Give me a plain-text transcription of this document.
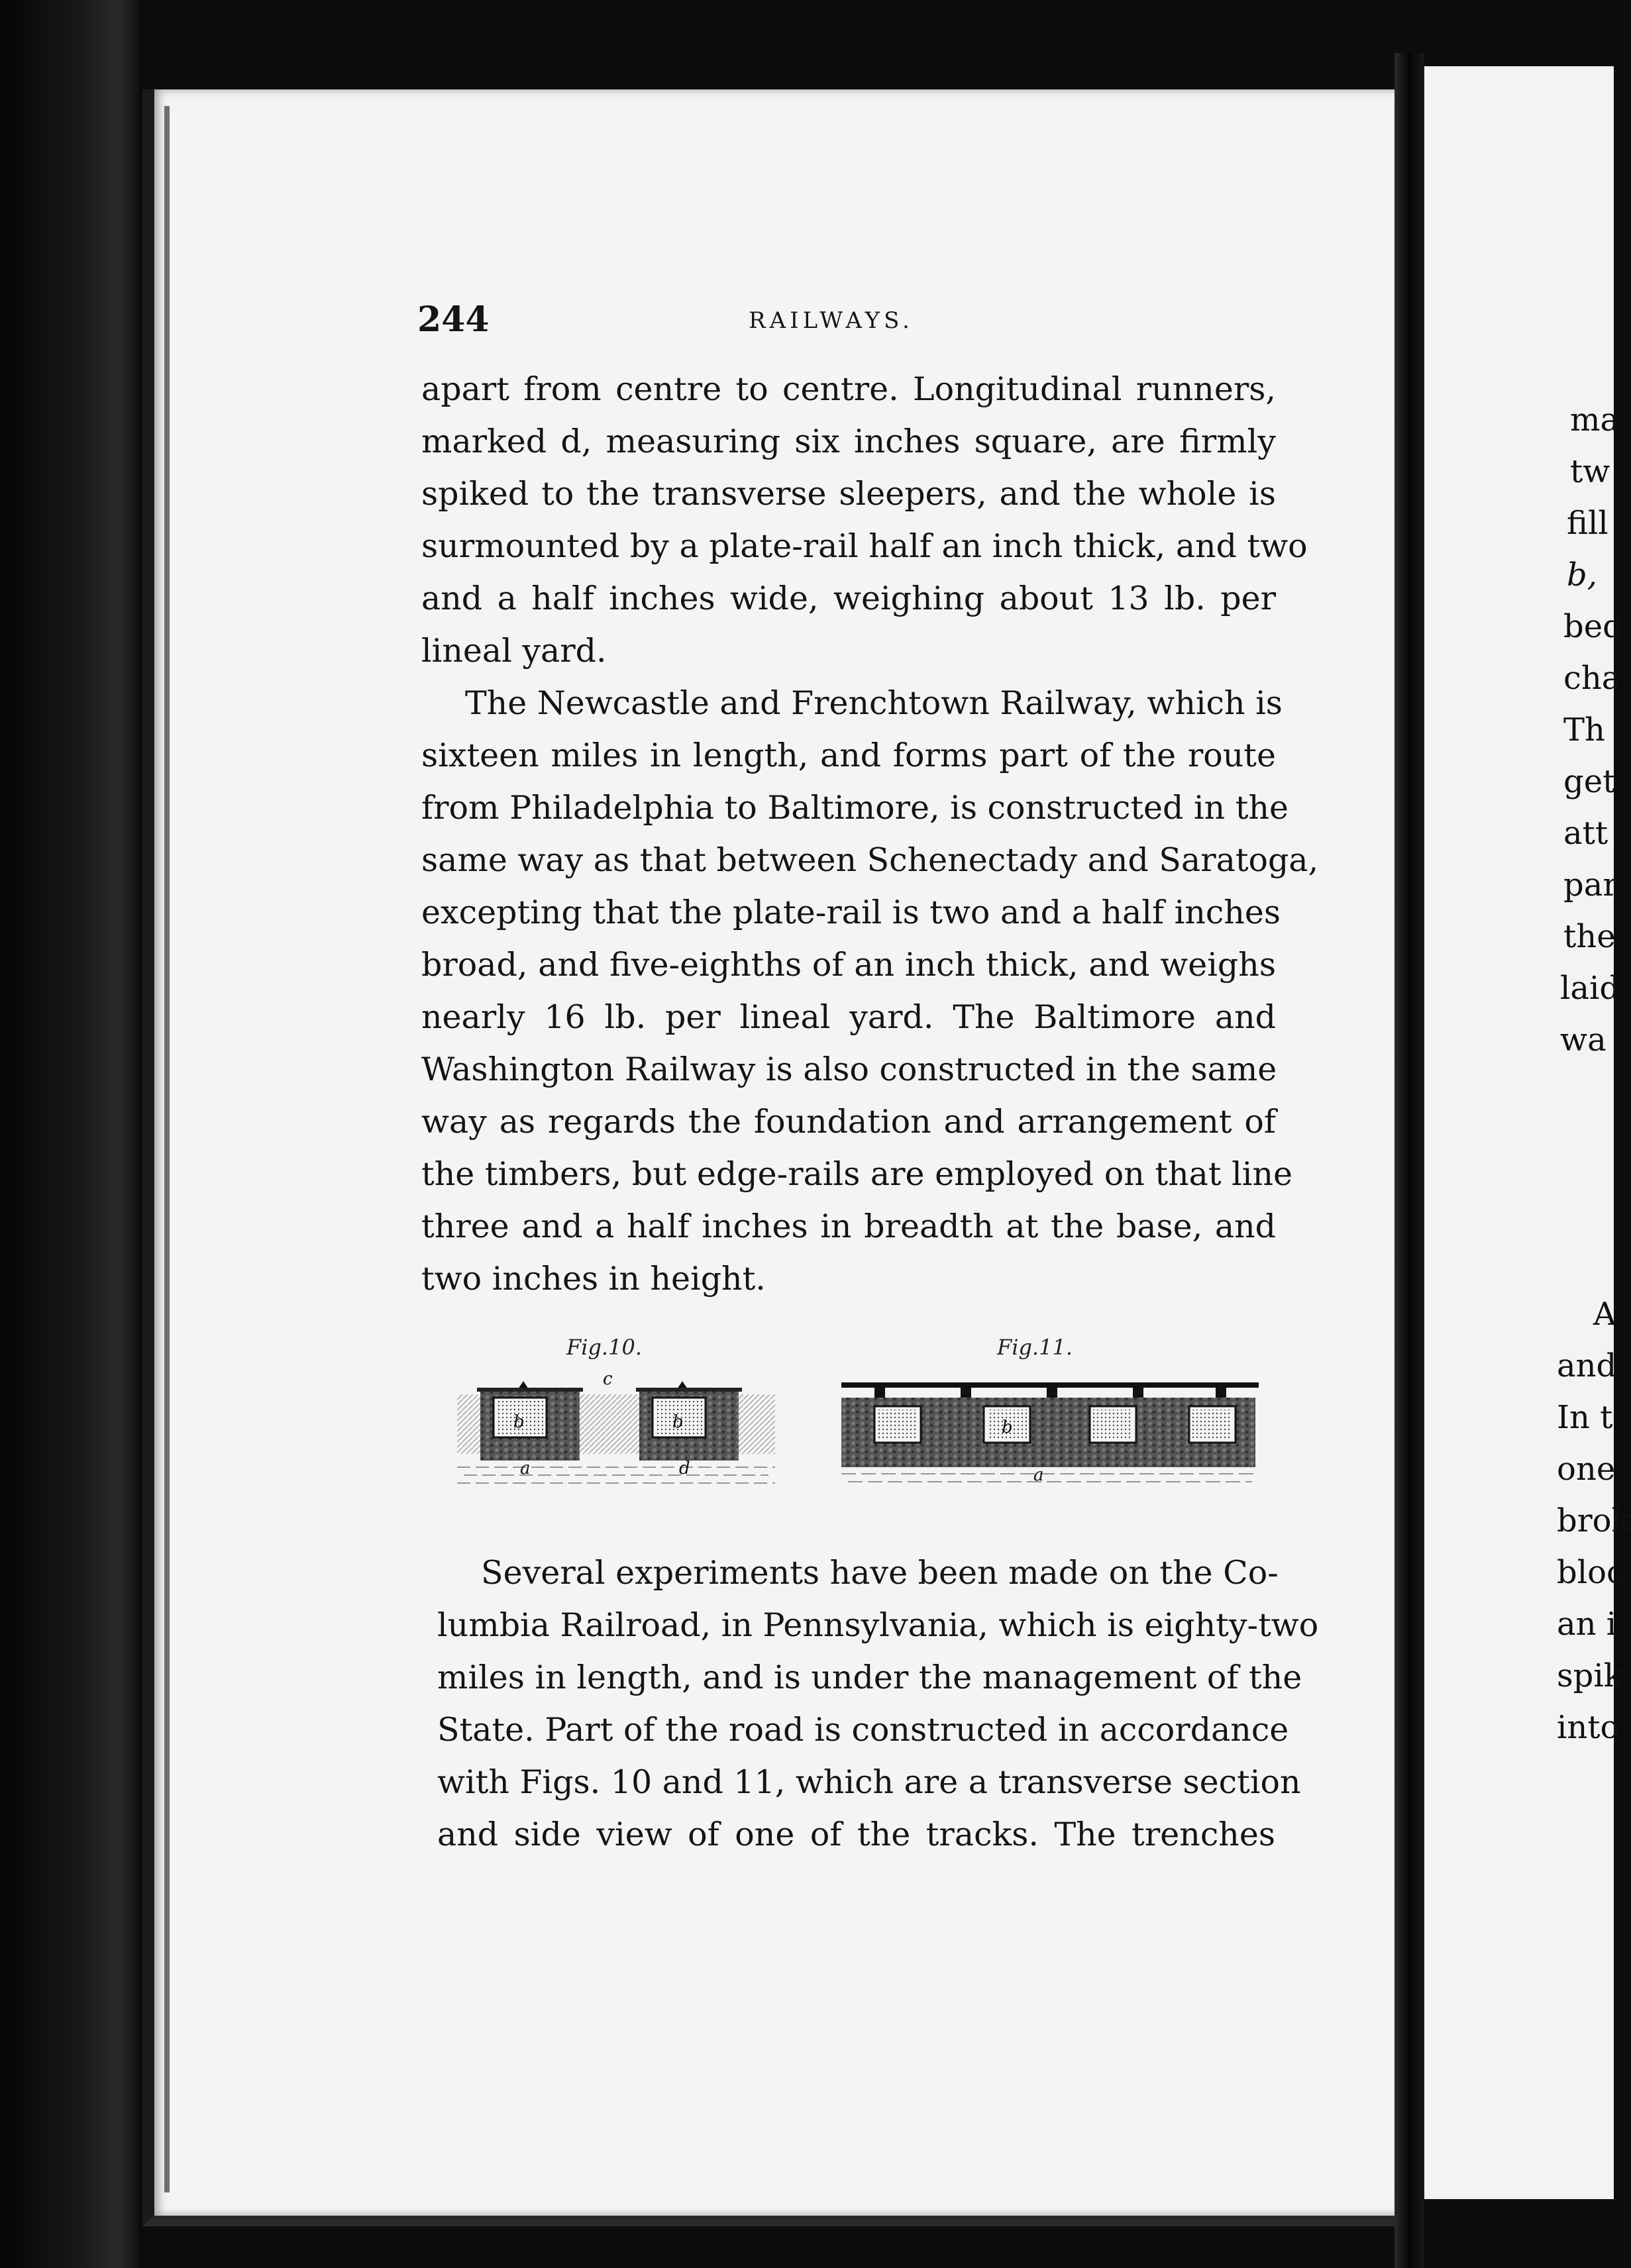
244	RAILWAYS.
apart from centre to centre. Longitudinal runners,
marked d, measuring six inches square, are firmly
spiked to the transverse sleepers, and the whole is
surmounted by a plate-rail half an inch thick, and two
and a half inches wide, weighing about 13 lb. per
lineal yard.
The Newcastle and Frenchtown Railway, which is
sixteen miles in length, and forms part of the route
from Philadelphia to Baltimore, is constructed in the
same way as that between Schenectady and Saratoga,
excepting that the plate-rail is two and a half inches
broad, and five-eighths of an inch thick, and weighs
nearly 16 lb. per lineal yard. The Baltimore and
Washington Railway is also constructed in the same
way as regards the foundation and arrangement of
the timbers, but edge-rails are employed on that line
three and a half inches in breadth at the base, and
two inches in height.
Fig.10.	Fig.11.
c
b	b
a	d
b
a
Several experiments have been made on the Co-
lumbia Railroad, in Pennsylvania, which is eighty-two
miles in length, and is under the management of the
State. Part of the road is constructed in accordance
with Figs. 10 and 11, which are a transverse section
and side view of one of the tracks. The trenches
ma
tw
fill
b,
bed
cha
Th
get
att
par
the
laid
wa
A
and
In t
one
brok
bloc
an i
spik
into
